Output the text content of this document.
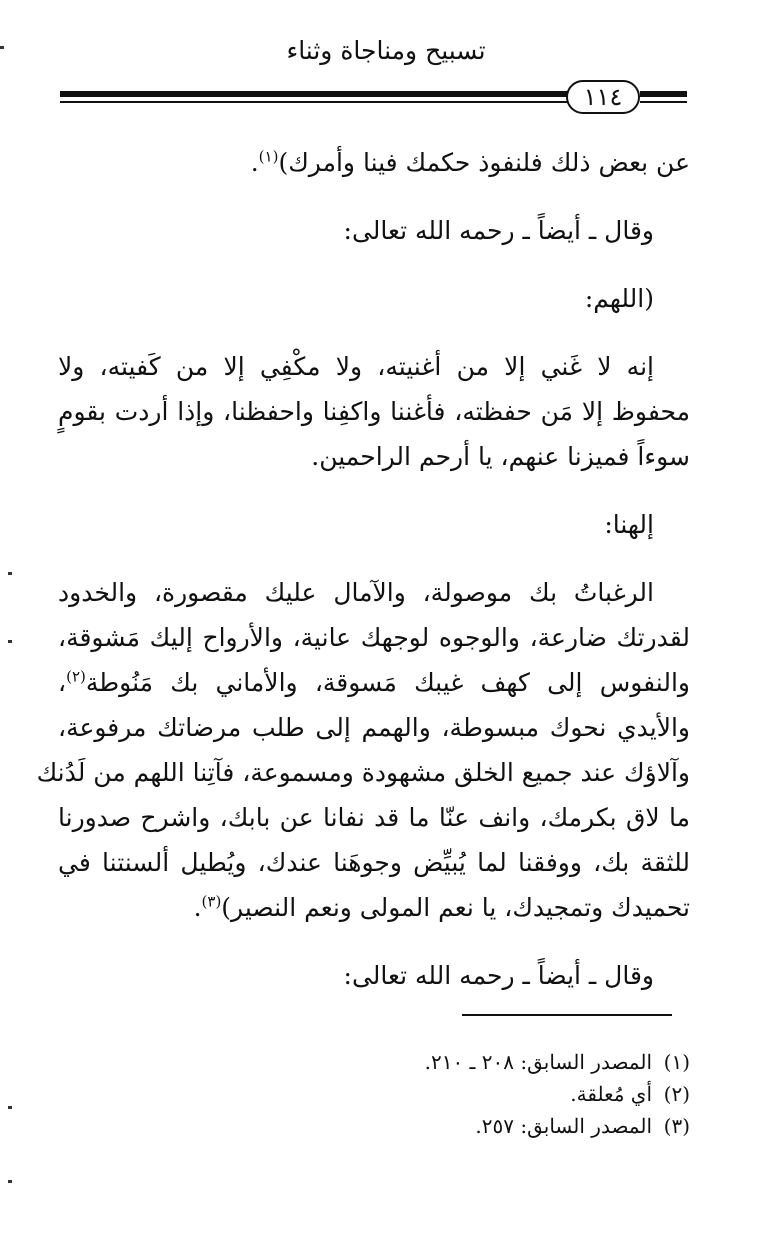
تسبيح ومناجاة وثناء
١١٤

عن بعض ذلك فلنفوذ حكمك فينا وأمرك)$^{(١)}$.

وقال ـ أيضاً ـ رحمه الله تعالى:

(اللهم:

إنه لا غَني إلا من أغنيته، ولا مكْفِي إلا من كَفيته، ولا
محفوظ إلا مَن حفظته، فأغننا واكفِنا واحفظنا، وإذا أردت بقومٍ
سوءاً فميزنا عنهم، يا أرحم الراحمين.

إلهنا:

الرغباتُ بك موصولة، والآمال عليك مقصورة، والخدود
لقدرتك ضارعة، والوجوه لوجهك عانية، والأرواح إليك مَشوقة،
والنفوس إلى كهف غيبك مَسوقة، والأماني بك مَنُوطة$^{(٢)}$،
والأيدي نحوك مبسوطة، والهمم إلى طلب مرضاتك مرفوعة،
وآلاؤك عند جميع الخلق مشهودة ومسموعة، فآتِنا اللهم من لَدُنك
ما لاق بكرمك، وانف عنّا ما قد نفانا عن بابك، واشرح صدورنا
للثقة بك، ووفقنا لما يُبيِّض وجوهَنا عندك، ويُطيل ألسنتنا في
تحميدك وتمجيدك، يا نعم المولى ونعم النصير)$^{(٣)}$.

وقال ـ أيضاً ـ رحمه الله تعالى:

(١)المصدر السابق: ٢٠٨ ـ ٢١٠.
(٢)أي مُعلقة.
(٣)المصدر السابق: ٢٥٧.
